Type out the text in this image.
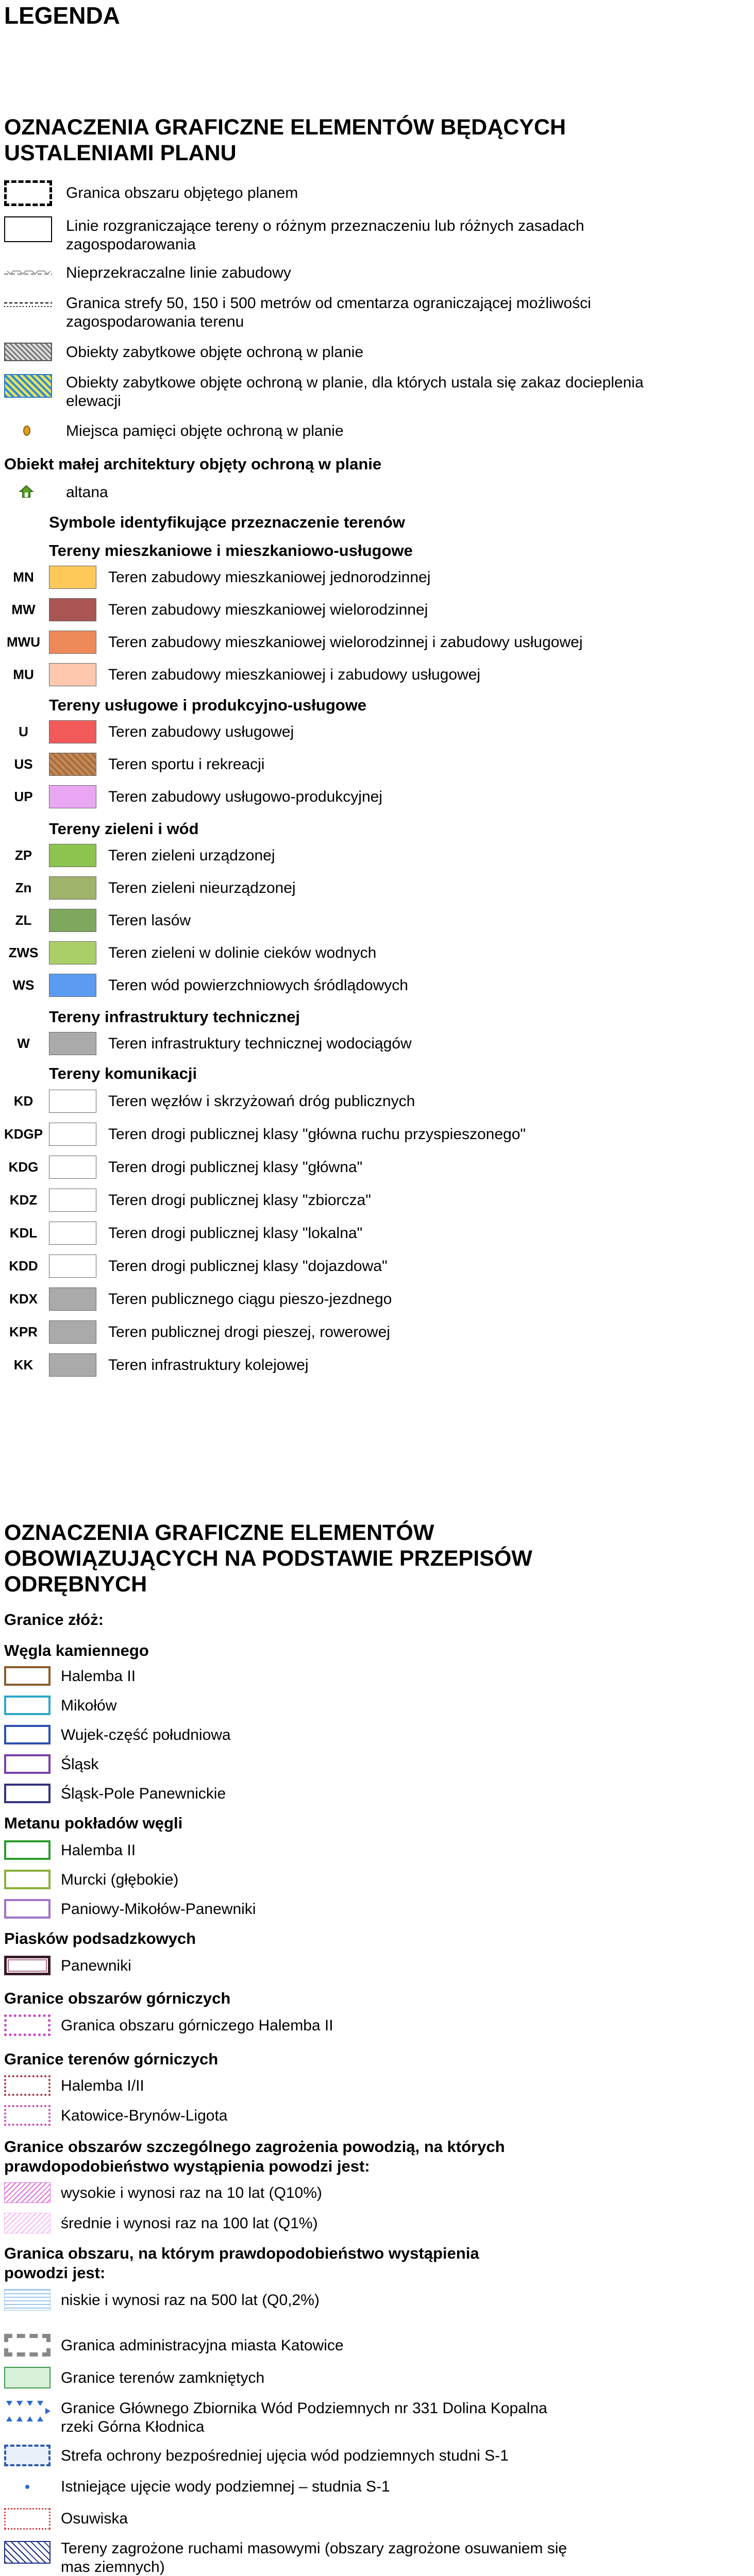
LEGENDA
OZNACZENIA GRAFICZNE ELEMENTÓW BĘDĄCYCH
USTALENIAMI PLANU
Granica obszaru objętego planem
Linie rozgraniczające tereny o różnym przeznaczeniu lub różnych zasadach
zagospodarowania
Nieprzekraczalne linie zabudowy
Granica strefy 50, 150 i 500 metrów od cmentarza ograniczającej możliwości
zagospodarowania terenu
Obiekty zabytkowe objęte ochroną w planie
Obiekty zabytkowe objęte ochroną w planie, dla których ustala się zakaz docieplenia
elewacji
Miejsca pamięci objęte ochroną w planie
Obiekt małej architektury objęty ochroną w planie
altana
Symbole identyfikujące przeznaczenie terenów
Tereny mieszkaniowe i mieszkaniowo-usługowe
MN	Teren zabudowy mieszkaniowej jednorodzinnej
MW	Teren zabudowy mieszkaniowej wielorodzinnej
MWU	Teren zabudowy mieszkaniowej wielorodzinnej i zabudowy usługowej
MU	Teren zabudowy mieszkaniowej i zabudowy usługowej
Tereny usługowe i produkcyjno-usługowe
U	Teren zabudowy usługowej
US	Teren sportu i rekreacji
UP	Teren zabudowy usługowo-produkcyjnej
Tereny zieleni i wód
ZP	Teren zieleni urządzonej
Zn	Teren zieleni nieurządzonej
ZL	Teren lasów
ZWS	Teren zieleni w dolinie cieków wodnych
WS	Teren wód powierzchniowych śródlądowych
Tereny infrastruktury technicznej
W	Teren infrastruktury technicznej wodociągów
Tereny komunikacji
KD	Teren węzłów i skrzyżowań dróg publicznych
KDGP	Teren drogi publicznej klasy "główna ruchu przyspieszonego"
KDG	Teren drogi publicznej klasy "główna"
KDZ	Teren drogi publicznej klasy "zbiorcza"
KDL	Teren drogi publicznej klasy "lokalna"
KDD	Teren drogi publicznej klasy "dojazdowa"
KDX	Teren publicznego ciągu pieszo-jezdnego
KPR	Teren publicznej drogi pieszej, rowerowej
KK	Teren infrastruktury kolejowej
OZNACZENIA GRAFICZNE ELEMENTÓW
OBOWIĄZUJĄCYCH NA PODSTAWIE PRZEPISÓW
ODRĘBNYCH
Granice złóż:
Węgla kamiennego
Halemba II
Mikołów
Wujek-część południowa
Śląsk
Śląsk-Pole Panewnickie
Metanu pokładów węgli
Halemba II
Murcki (głębokie)
Paniowy-Mikołów-Panewniki
Piasków podsadzkowych
Panewniki
Granice obszarów górniczych
Granica obszaru górniczego Halemba II
Granice terenów górniczych
Halemba I/II
Katowice-Brynów-Ligota
Granice obszarów szczególnego zagrożenia powodzią, na których
prawdopodobieństwo wystąpienia powodzi jest:
wysokie i wynosi raz na 10 lat (Q10%)
średnie i wynosi raz na 100 lat (Q1%)
Granica obszaru, na którym prawdopodobieństwo wystąpienia
powodzi jest:
niskie i wynosi raz na 500 lat (Q0,2%)
Granica administracyjna miasta Katowice
Granice terenów zamkniętych
Granice Głównego Zbiornika Wód Podziemnych nr 331 Dolina Kopalna
rzeki Górna Kłodnica
Strefa ochrony bezpośredniej ujęcia wód podziemnych studni S-1
Istniejące ujęcie wody podziemnej – studnia S-1
Osuwiska
Tereny zagrożone ruchami masowymi (obszary zagrożone osuwaniem się
mas ziemnych)
